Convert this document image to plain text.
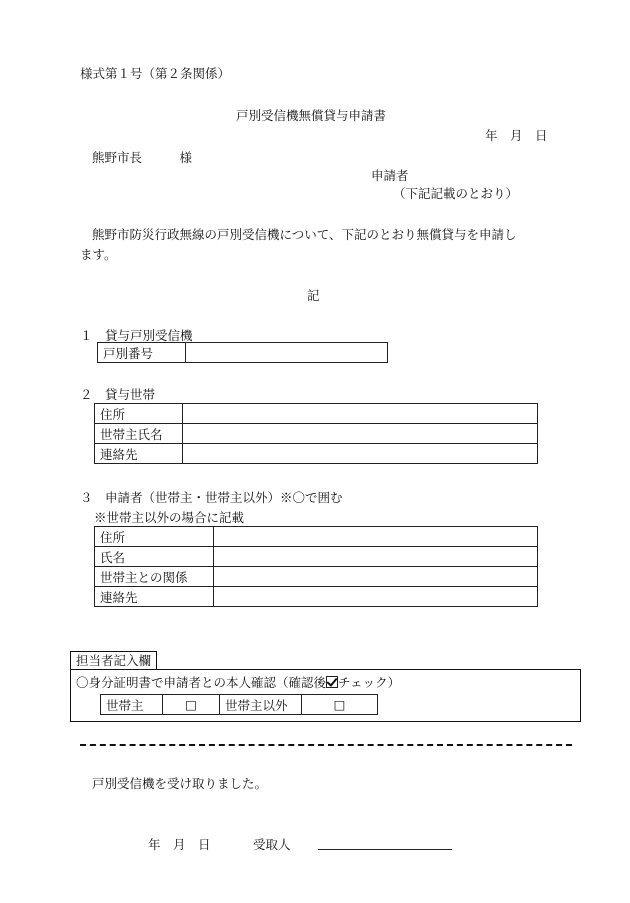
様式第１号（第２条関係）
戸別受信機無償貸与申請書
年　月　日
熊野市長　　　様
申請者
（下記記載のとおり）
熊野市防災行政無線の戸別受信機について、下記のとおり無償貸与を申請し
ます。
記
１　貸与戸別受信機
戸別番号	
２　貸与世帯
住所	
世帯主氏名	
連絡先	
３　申請者（世帯主・世帯主以外）※〇で囲む
※世帯主以外の場合に記載
住所	
氏名	
世帯主との関係	
連絡先	
担当者記入欄
〇身分証明書で申請者との本人確認（確認後 チェック）
世帯主	□	世帯主以外	□
戸別受信機を受け取りました。
年　月　日	受取人
